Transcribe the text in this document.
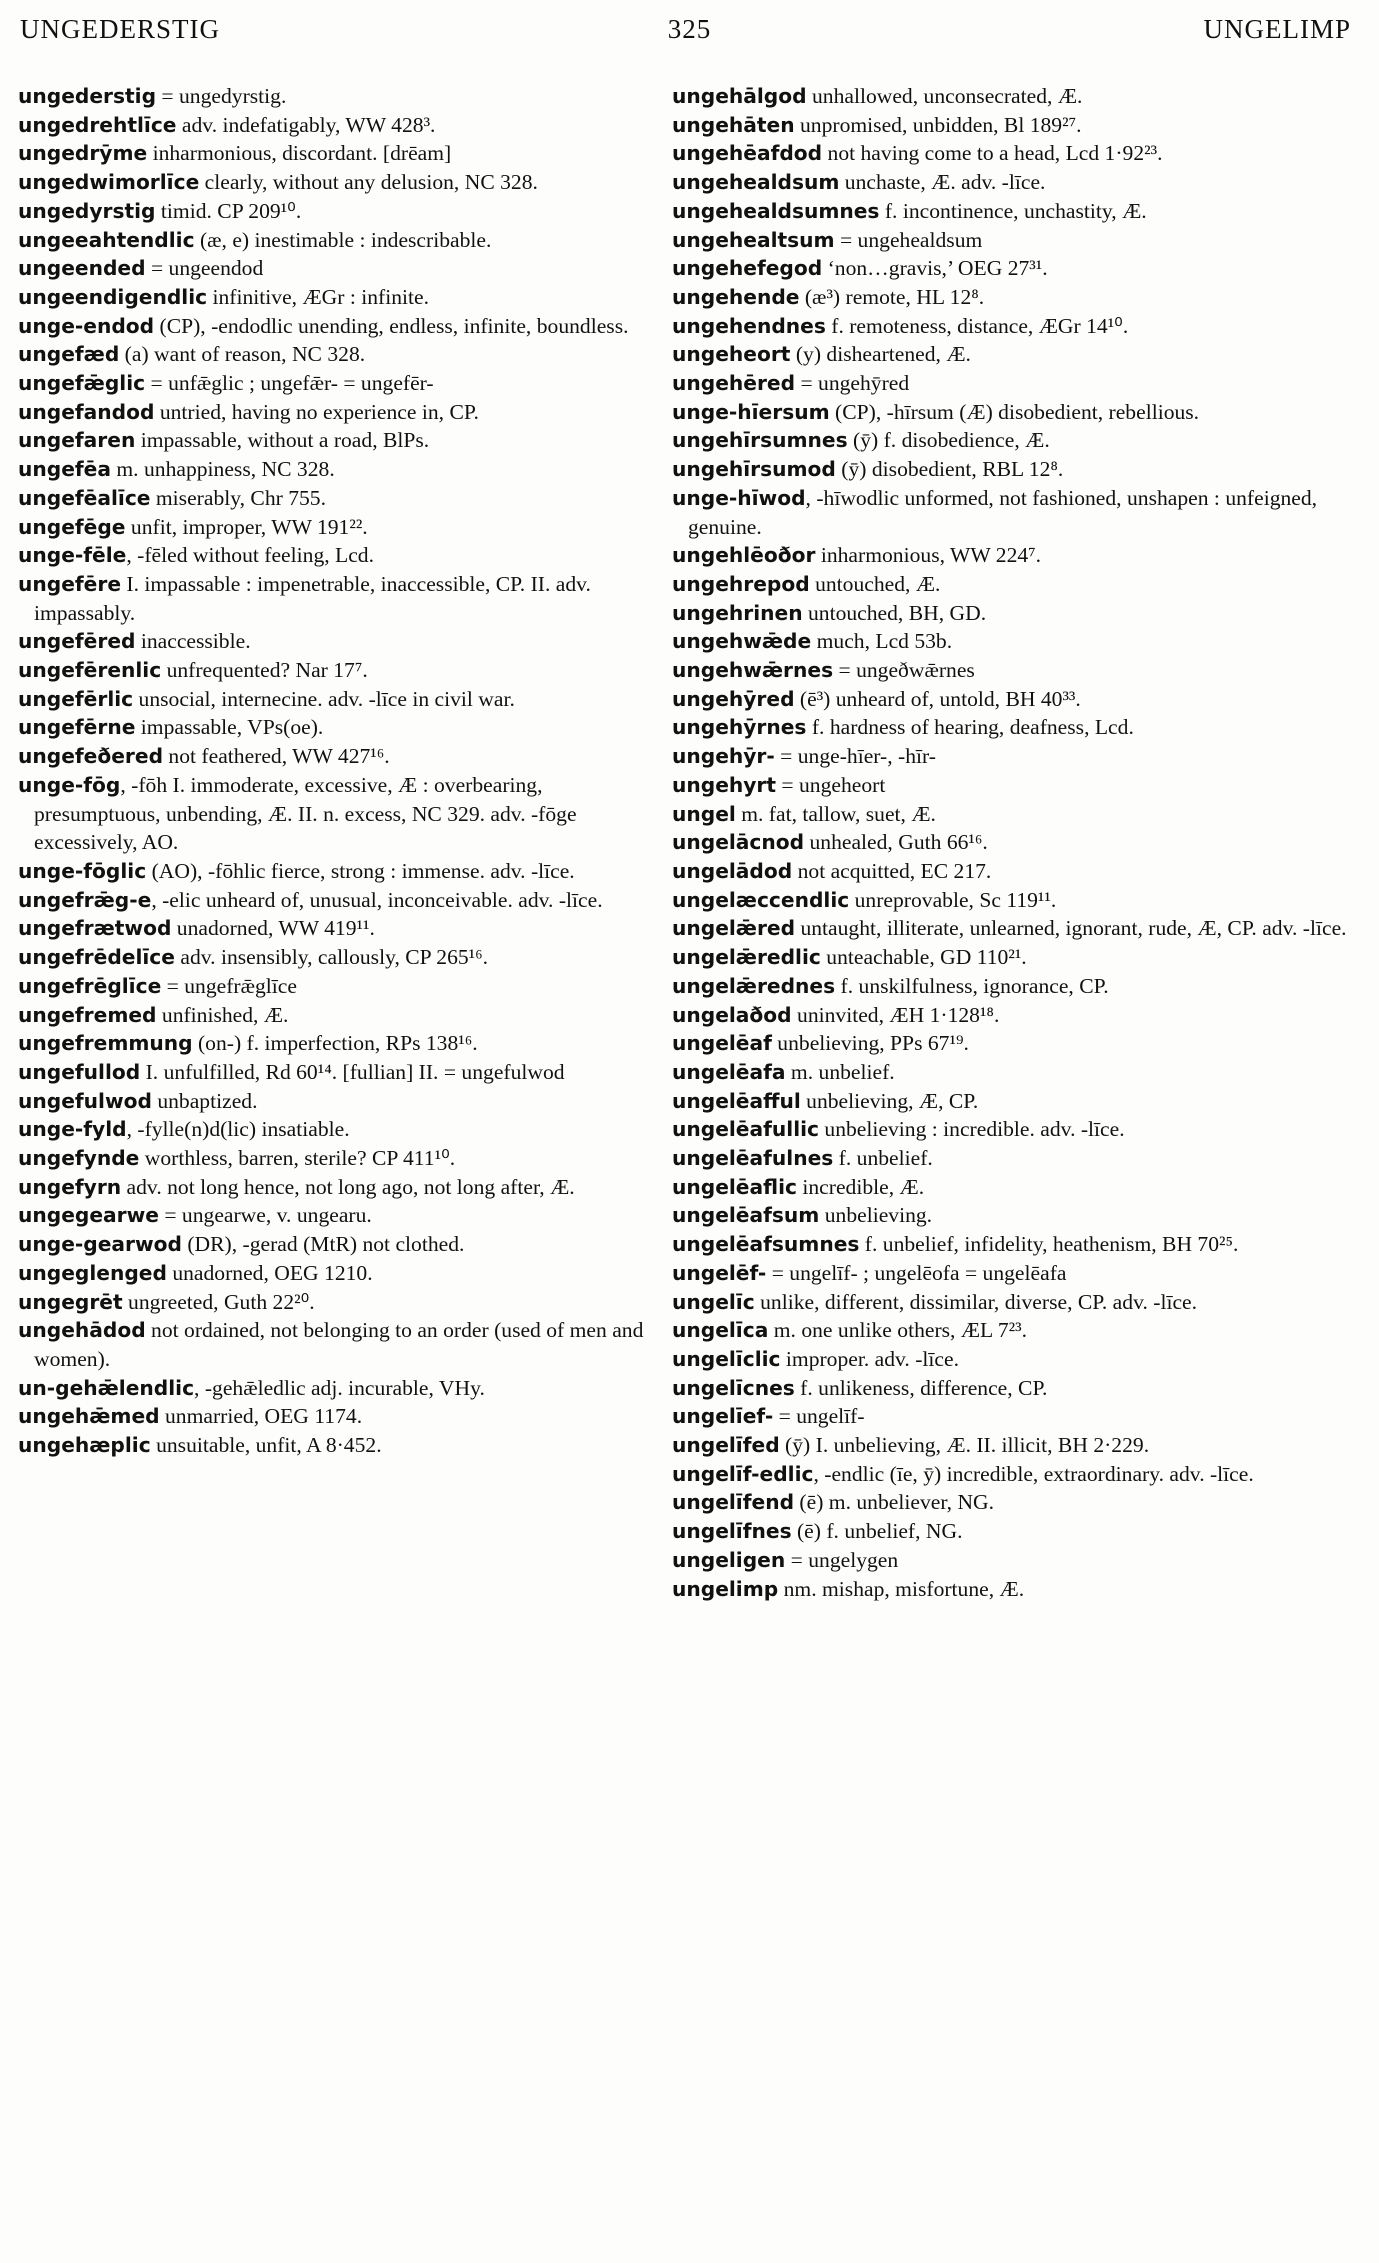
UNGEDERSTIG	325	UNGELIMP
ungederstig = ungedyrstig.
ungedrehtlīce adv. indefatigably, WW 428³.
ungedrȳme inharmonious, discordant. [drēam]
ungedwimorlīce clearly, without any delusion, NC 328.
ungedyrstig timid. CP 209¹⁰.
ungeeahtendlic (æ, e) inestimable : indescribable.
ungeended = ungeendod
ungeendigendlic infinitive, ÆGr : infinite.
unge-endod (CP), -endodlic unending, endless, infinite, boundless.
ungefæd (a) want of reason, NC 328.
ungefǣglic = unfǣglic ; ungefǣr- = ungefēr-
ungefandod untried, having no experience in, CP.
ungefaren impassable, without a road, BlPs.
ungefēa m. unhappiness, NC 328.
ungefēalīce miserably, Chr 755.
ungefēge unfit, improper, WW 191²².
unge-fēle, -fēled without feeling, Lcd.
ungefēre I. impassable : impenetrable, inaccessible, CP. II. adv. impassably.
ungefēred inaccessible.
ungefērenlic unfrequented? Nar 17⁷.
ungefērlic unsocial, internecine. adv. -līce in civil war.
ungefērne impassable, VPs(oe).
ungefeðered not feathered, WW 427¹⁶.
unge-fōg, -fōh I. immoderate, excessive, Æ : overbearing, presumptuous, unbending, Æ. II. n. excess, NC 329. adv. -fōge excessively, AO.
unge-fōglic (AO), -fōhlic fierce, strong : immense. adv. -līce.
ungefrǣg-e, -elic unheard of, unusual, inconceivable. adv. -līce.
ungefrætwod unadorned, WW 419¹¹.
ungefrēdelīce adv. insensibly, callously, CP 265¹⁶.
ungefrēglīce = ungefrǣglīce
ungefremed unfinished, Æ.
ungefremmung (on-) f. imperfection, RPs 138¹⁶.
ungefullod I. unfulfilled, Rd 60¹⁴. [fullian] II. = ungefulwod
ungefulwod unbaptized.
unge-fyld, -fylle(n)d(lic) insatiable.
ungefynde worthless, barren, sterile? CP 411¹⁰.
ungefyrn adv. not long hence, not long ago, not long after, Æ.
ungegearwe = ungearwe, v. ungearu.
unge-gearwod (DR), -gerad (MtR) not clothed.
ungeglenged unadorned, OEG 1210.
ungegrēt ungreeted, Guth 22²⁰.
ungehādod not ordained, not belonging to an order (used of men and women).
un-gehǣlendlic, -gehǣledlic adj. incurable, VHy.
ungehǣmed unmarried, OEG 1174.
ungehæplic unsuitable, unfit, A 8·452.
ungehālgod unhallowed, unconsecrated, Æ.
ungehāten unpromised, unbidden, Bl 189²⁷.
ungehēafdod not having come to a head, Lcd 1·92²³.
ungehealdsum unchaste, Æ. adv. -līce.
ungehealdsumnes f. incontinence, unchastity, Æ.
ungehealtsum = ungehealdsum
ungehefegod ‘non…gravis,’ OEG 27³¹.
ungehende (æ³) remote, HL 12⁸.
ungehendnes f. remoteness, distance, ÆGr 14¹⁰.
ungeheort (y) disheartened, Æ.
ungehēred = ungehȳred
unge-hīersum (CP), -hīrsum (Æ) disobedient, rebellious.
ungehīrsumnes (ȳ) f. disobedience, Æ.
ungehīrsumod (ȳ) disobedient, RBL 12⁸.
unge-hīwod, -hīwodlic unformed, not fashioned, unshapen : unfeigned, genuine.
ungehlēoðor inharmonious, WW 224⁷.
ungehrepod untouched, Æ.
ungehrinen untouched, BH, GD.
ungehwǣde much, Lcd 53b.
ungehwǣrnes = ungeðwǣrnes
ungehȳred (ē³) unheard of, untold, BH 40³³.
ungehȳrnes f. hardness of hearing, deafness, Lcd.
ungehȳr- = unge-hīer-, -hīr-
ungehyrt = ungeheort
ungel m. fat, tallow, suet, Æ.
ungelācnod unhealed, Guth 66¹⁶.
ungelādod not acquitted, EC 217.
ungelæccendlic unreprovable, Sc 119¹¹.
ungelǣred untaught, illiterate, unlearned, ignorant, rude, Æ, CP. adv. -līce.
ungelǣredlic unteachable, GD 110²¹.
ungelǣrednes f. unskilfulness, ignorance, CP.
ungelaðod uninvited, ÆH 1·128¹⁸.
ungelēaf unbelieving, PPs 67¹⁹.
ungelēafa m. unbelief.
ungelēafful unbelieving, Æ, CP.
ungelēafullic unbelieving : incredible. adv. -līce.
ungelēafulnes f. unbelief.
ungelēaflic incredible, Æ.
ungelēafsum unbelieving.
ungelēafsumnes f. unbelief, infidelity, heathenism, BH 70²⁵.
ungelēf- = ungelīf- ; ungelēofa = ungelēafa
ungelīc unlike, different, dissimilar, diverse, CP. adv. -līce.
ungelīca m. one unlike others, ÆL 7²³.
ungelīclic improper. adv. -līce.
ungelīcnes f. unlikeness, difference, CP.
ungelīef- = ungelīf-
ungelīfed (ȳ) I. unbelieving, Æ. II. illicit, BH 2·229.
ungelīf-edlic, -endlic (īe, ȳ) incredible, extraordinary. adv. -līce.
ungelīfend (ē) m. unbeliever, NG.
ungelīfnes (ē) f. unbelief, NG.
ungeligen = ungelygen
ungelimp nm. mishap, misfortune, Æ.
